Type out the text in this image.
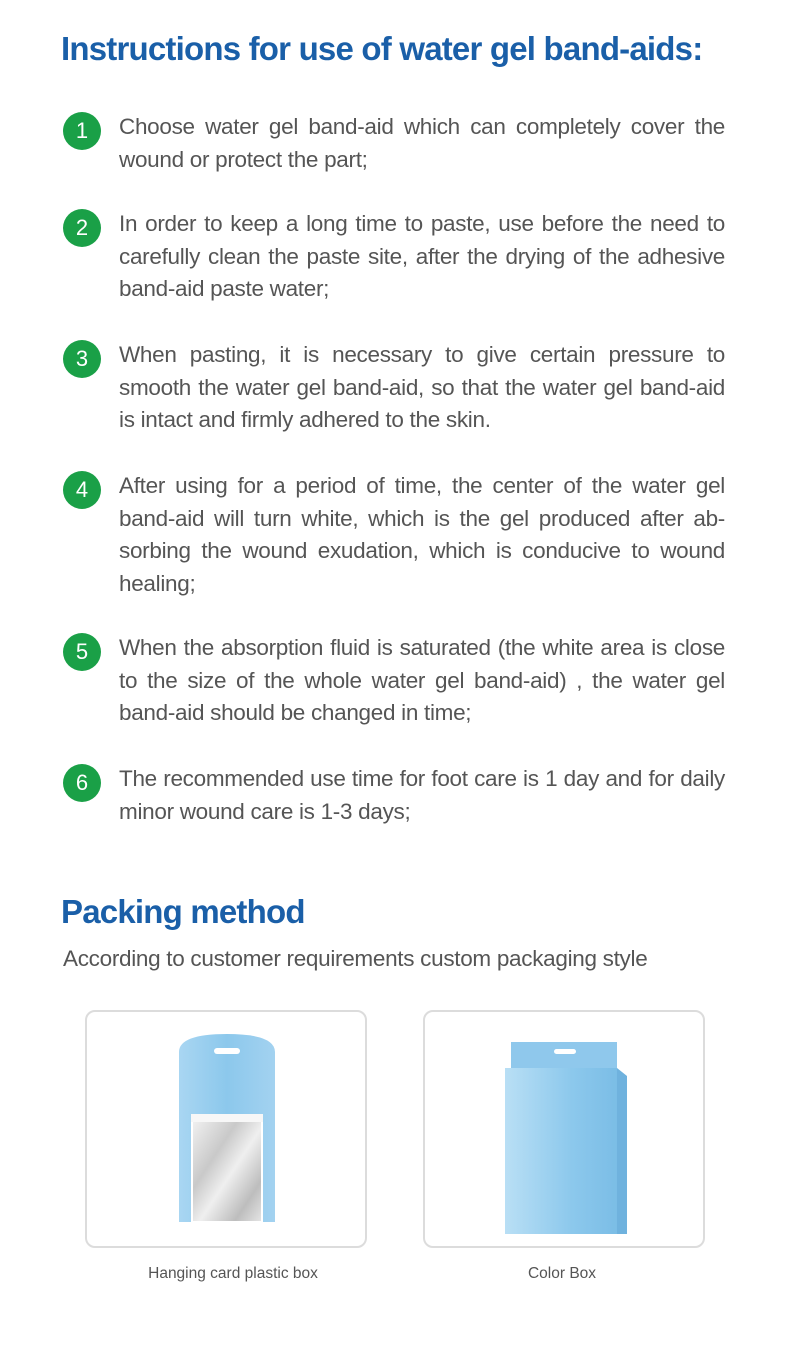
Instructions for use of water gel band-aids:
1	Choose water gel band-aid which can completely cover the wound or protect the part;
2	In order to keep a long time to paste, use before the need to carefully clean the paste site, after the drying of the adhesive band-aid paste water;
3	When pasting, it is necessary to give certain pressure to smooth the water gel band-aid, so that the water gel band-aid is intact and firmly adhered to the skin.
4	After using for a period of time, the center of the water gel band-aid will turn white, which is the gel produced after ab-sorbing the wound exudation, which is conducive to wound healing;
5	When the absorption fluid is saturated (the white area is close to the size of the whole water gel band-aid) , the water gel band-aid should be changed in time;
6	The recommended use time for foot care is 1 day and for daily minor wound care is 1-3 days;
Packing method
According to customer requirements custom packaging style
Hanging card plastic box	Color Box
